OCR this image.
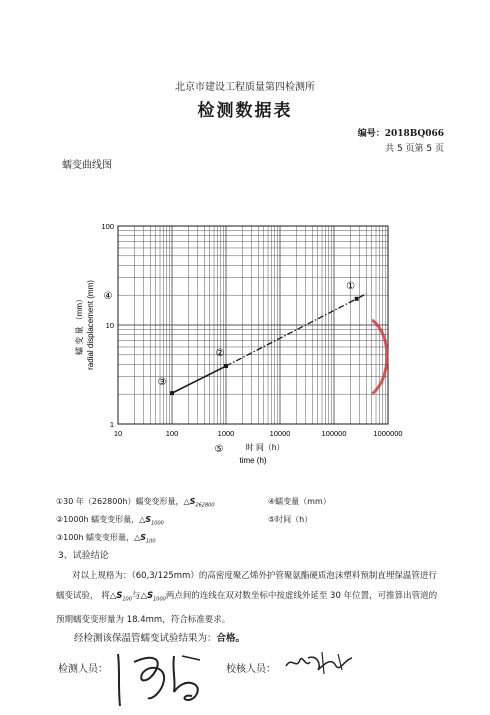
北京市建设工程质量第四检测所
检测数据表
编号：2018BQ066
共 5 页第 5 页
蠕变曲线图
10	100	1000	10000	100000	1000000
1
10
100
③
②
①
蠕 变 量 （mm） radial displacement (mm)
时 间（h）
time (h)
④
⑤
①30 年（262800h）蠕变变形量，$\triangle S_{262800}$	④蠕变量（mm）
②1000h 蠕变变形量，$\triangle S_{1000}$	⑤时间（h）
③100h 蠕变变形量，$\triangle S_{100}$
3、试验结论
对以上规格为：（60,3/125mm）的高密度聚乙烯外护管聚氨酯硬质泡沫塑料预制直埋保温管进行蠕变试验， 将$\triangle S_{100}$与$\triangle S_{1000}$两点间的连线在双对数坐标中按虚线外延至 30 年位置，可推算出管道的预期蠕变变形量为 18.4mm，符合标准要求。
经检测该保温管蠕变试验结果为：合格。
检测人员：	校核人员：
